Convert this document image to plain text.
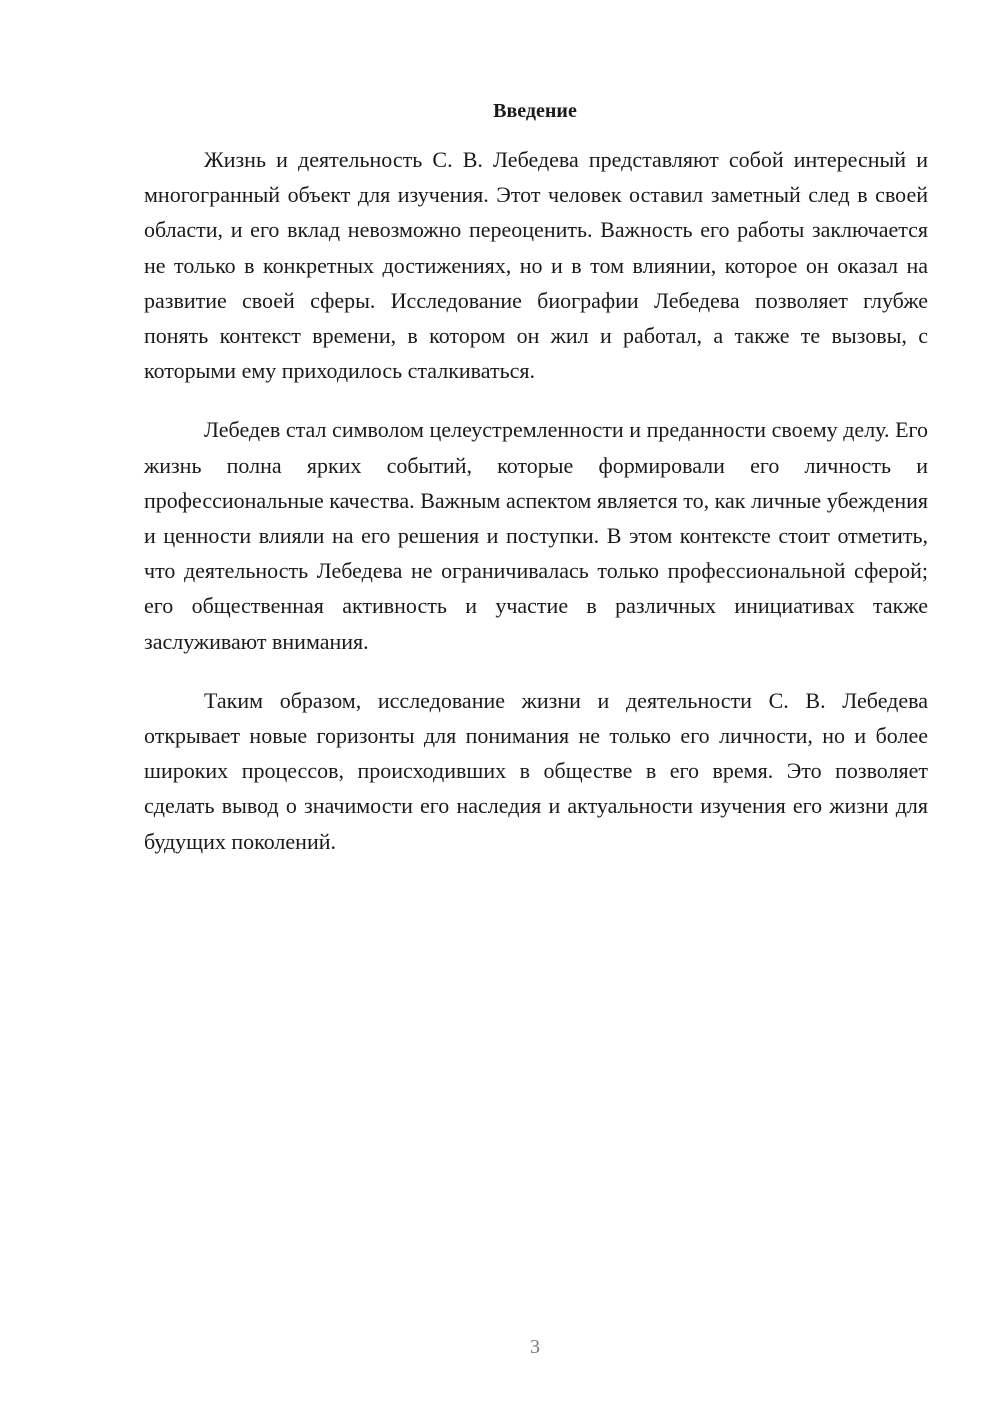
Введение

Жизнь и деятельность С. В. Лебедева представляют собой интересный и многогранный объект для изучения. Этот человек оставил заметный след в своей области, и его вклад невозможно переоценить. Важность его работы заключается не только в конкретных достижениях, но и в том влиянии, которое он оказал на развитие своей сферы. Исследование биографии Лебедева позволяет глубже понять контекст времени, в котором он жил и работал, а также те вызовы, с которыми ему приходилось сталкиваться.

Лебедев стал символом целеустремленности и преданности своему делу. Его жизнь полна ярких событий, которые формировали его личность и профессиональные качества. Важным аспектом является то, как личные убеждения и ценности влияли на его решения и поступки. В этом контексте стоит отметить, что деятельность Лебедева не ограничивалась только профессиональной сферой; его общественная активность и участие в различных инициативах также заслуживают внимания.

Таким образом, исследование жизни и деятельности С. В. Лебедева открывает новые горизонты для понимания не только его личности, но и более широких процессов, происходивших в обществе в его время. Это позволяет сделать вывод о значимости его наследия и актуальности изучения его жизни для будущих поколений.

3
